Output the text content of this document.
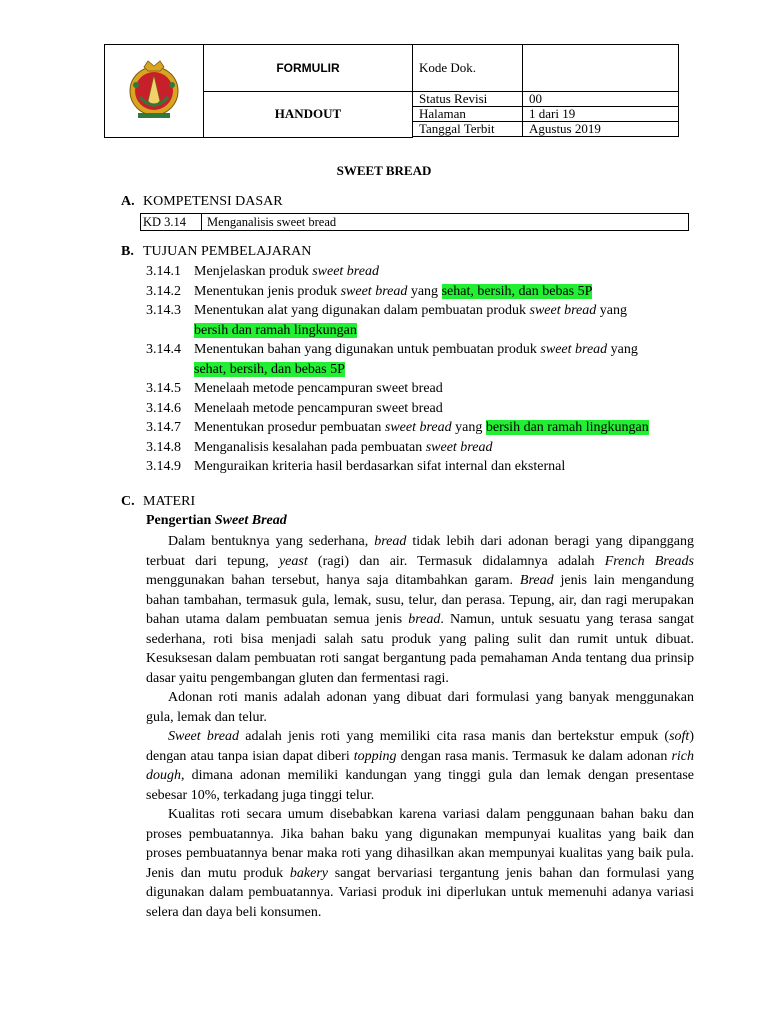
	FORMULIR	Kode Dok.	
	HANDOUT	Status Revisi	00
		Halaman	1 dari 19
		Tanggal Terbit	Agustus 2019

SWEET BREAD
A. KOMPETENSI DASAR
KD 3.14	Menganalisis sweet bread
B. TUJUAN PEMBELAJARAN
3.14.1 Menjelaskan produk sweet bread
3.14.2 Menentukan jenis produk sweet bread yang sehat, bersih, dan bebas 5P
3.14.3 Menentukan alat yang digunakan dalam pembuatan produk sweet bread yang
bersih dan ramah lingkungan
3.14.4 Menentukan bahan yang digunakan untuk pembuatan produk sweet bread yang
sehat, bersih, dan bebas 5P
3.14.5 Menelaah metode pencampuran sweet bread
3.14.6 Menelaah metode pencampuran sweet bread
3.14.7 Menentukan prosedur pembuatan sweet bread yang bersih dan ramah lingkungan
3.14.8 Menganalisis kesalahan pada pembuatan sweet bread
3.14.9 Menguraikan kriteria hasil berdasarkan sifat internal dan eksternal
C. MATERI
Pengertian Sweet Bread

Dalam bentuknya yang sederhana, bread tidak lebih dari adonan beragi yang dipanggang terbuat dari tepung, yeast (ragi) dan air. Termasuk didalamnya adalah French Breads menggunakan bahan tersebut, hanya saja ditambahkan garam. Bread jenis lain mengandung bahan tambahan, termasuk gula, lemak, susu, telur, dan perasa. Tepung, air, dan ragi merupakan bahan utama dalam pembuatan semua jenis bread. Namun, untuk sesuatu yang terasa sangat sederhana, roti bisa menjadi salah satu produk yang paling sulit dan rumit untuk dibuat. Kesuksesan dalam pembuatan roti sangat bergantung pada pemahaman Anda tentang dua prinsip dasar yaitu pengembangan gluten dan fermentasi ragi.

Adonan roti manis adalah adonan yang dibuat dari formulasi yang banyak menggunakan gula, lemak dan telur.

Sweet bread adalah jenis roti yang memiliki cita rasa manis dan bertekstur empuk (soft) dengan atau tanpa isian dapat diberi topping dengan rasa manis. Termasuk ke dalam adonan rich dough, dimana adonan memiliki kandungan yang tinggi gula dan lemak dengan presentase sebesar 10%, terkadang juga tinggi telur.

Kualitas roti secara umum disebabkan karena variasi dalam penggunaan bahan baku dan proses pembuatannya. Jika bahan baku yang digunakan mempunyai kualitas yang baik dan proses pembuatannya benar maka roti yang dihasilkan akan mempunyai kualitas yang baik pula. Jenis dan mutu produk bakery sangat bervariasi tergantung jenis bahan dan formulasi yang digunakan dalam pembuatannya. Variasi produk ini diperlukan untuk memenuhi adanya variasi selera dan daya beli konsumen.
